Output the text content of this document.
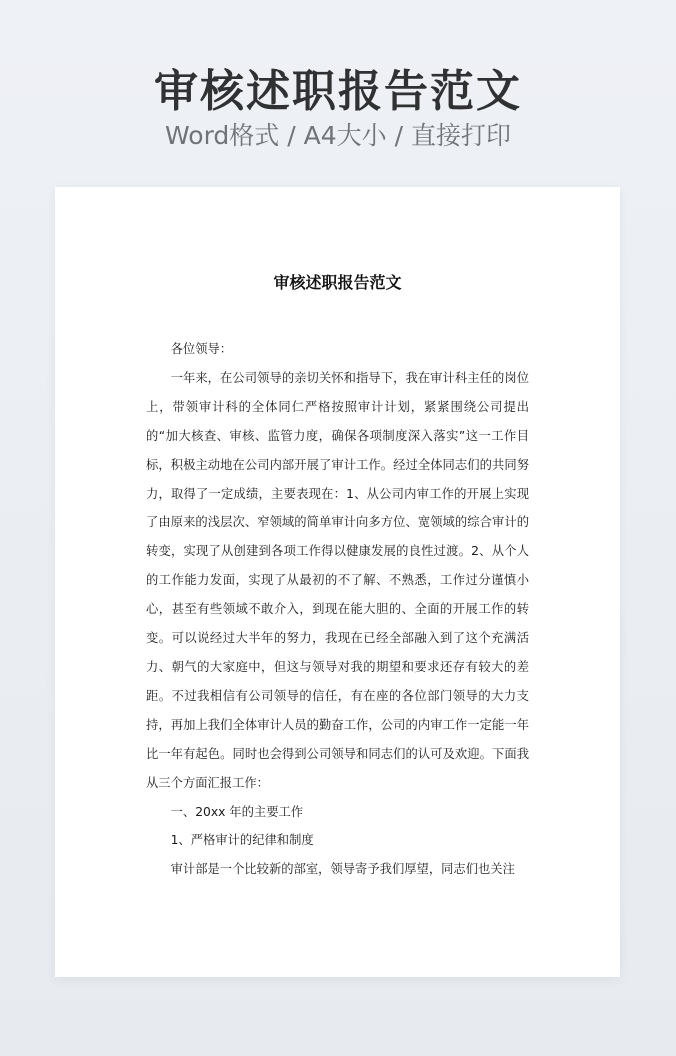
审核述职报告范文
Word格式 / A4大小 / 直接打印
审核述职报告范文

各位领导：

一年来，在公司领导的亲切关怀和指导下，我在审计科主任的岗位上，带领审计科的全体同仁严格按照审计计划，紧紧围绕公司提出的“加大核查、审核、监管力度，确保各项制度深入落实”这一工作目标，积极主动地在公司内部开展了审计工作。经过全体同志们的共同努力，取得了一定成绩，主要表现在：1、从公司内审工作的开展上实现了由原来的浅层次、窄领域的简单审计向多方位、宽领域的综合审计的转变，实现了从创建到各项工作得以健康发展的良性过渡。2、从个人的工作能力发面，实现了从最初的不了解、不熟悉，工作过分谨慎小心，甚至有些领域不敢介入，到现在能大胆的、全面的开展工作的转变。可以说经过大半年的努力，我现在已经全部融入到了这个充满活力、朝气的大家庭中，但这与领导对我的期望和要求还存有较大的差距。不过我相信有公司领导的信任，有在座的各位部门领导的大力支持，再加上我们全体审计人员的勤奋工作，公司的内审工作一定能一年比一年有起色。同时也会得到公司领导和同志们的认可及欢迎。下面我从三个方面汇报工作：

一、20xx 年的主要工作

1、严格审计的纪律和制度

审计部是一个比较新的部室，领导寄予我们厚望，同志们也关注
